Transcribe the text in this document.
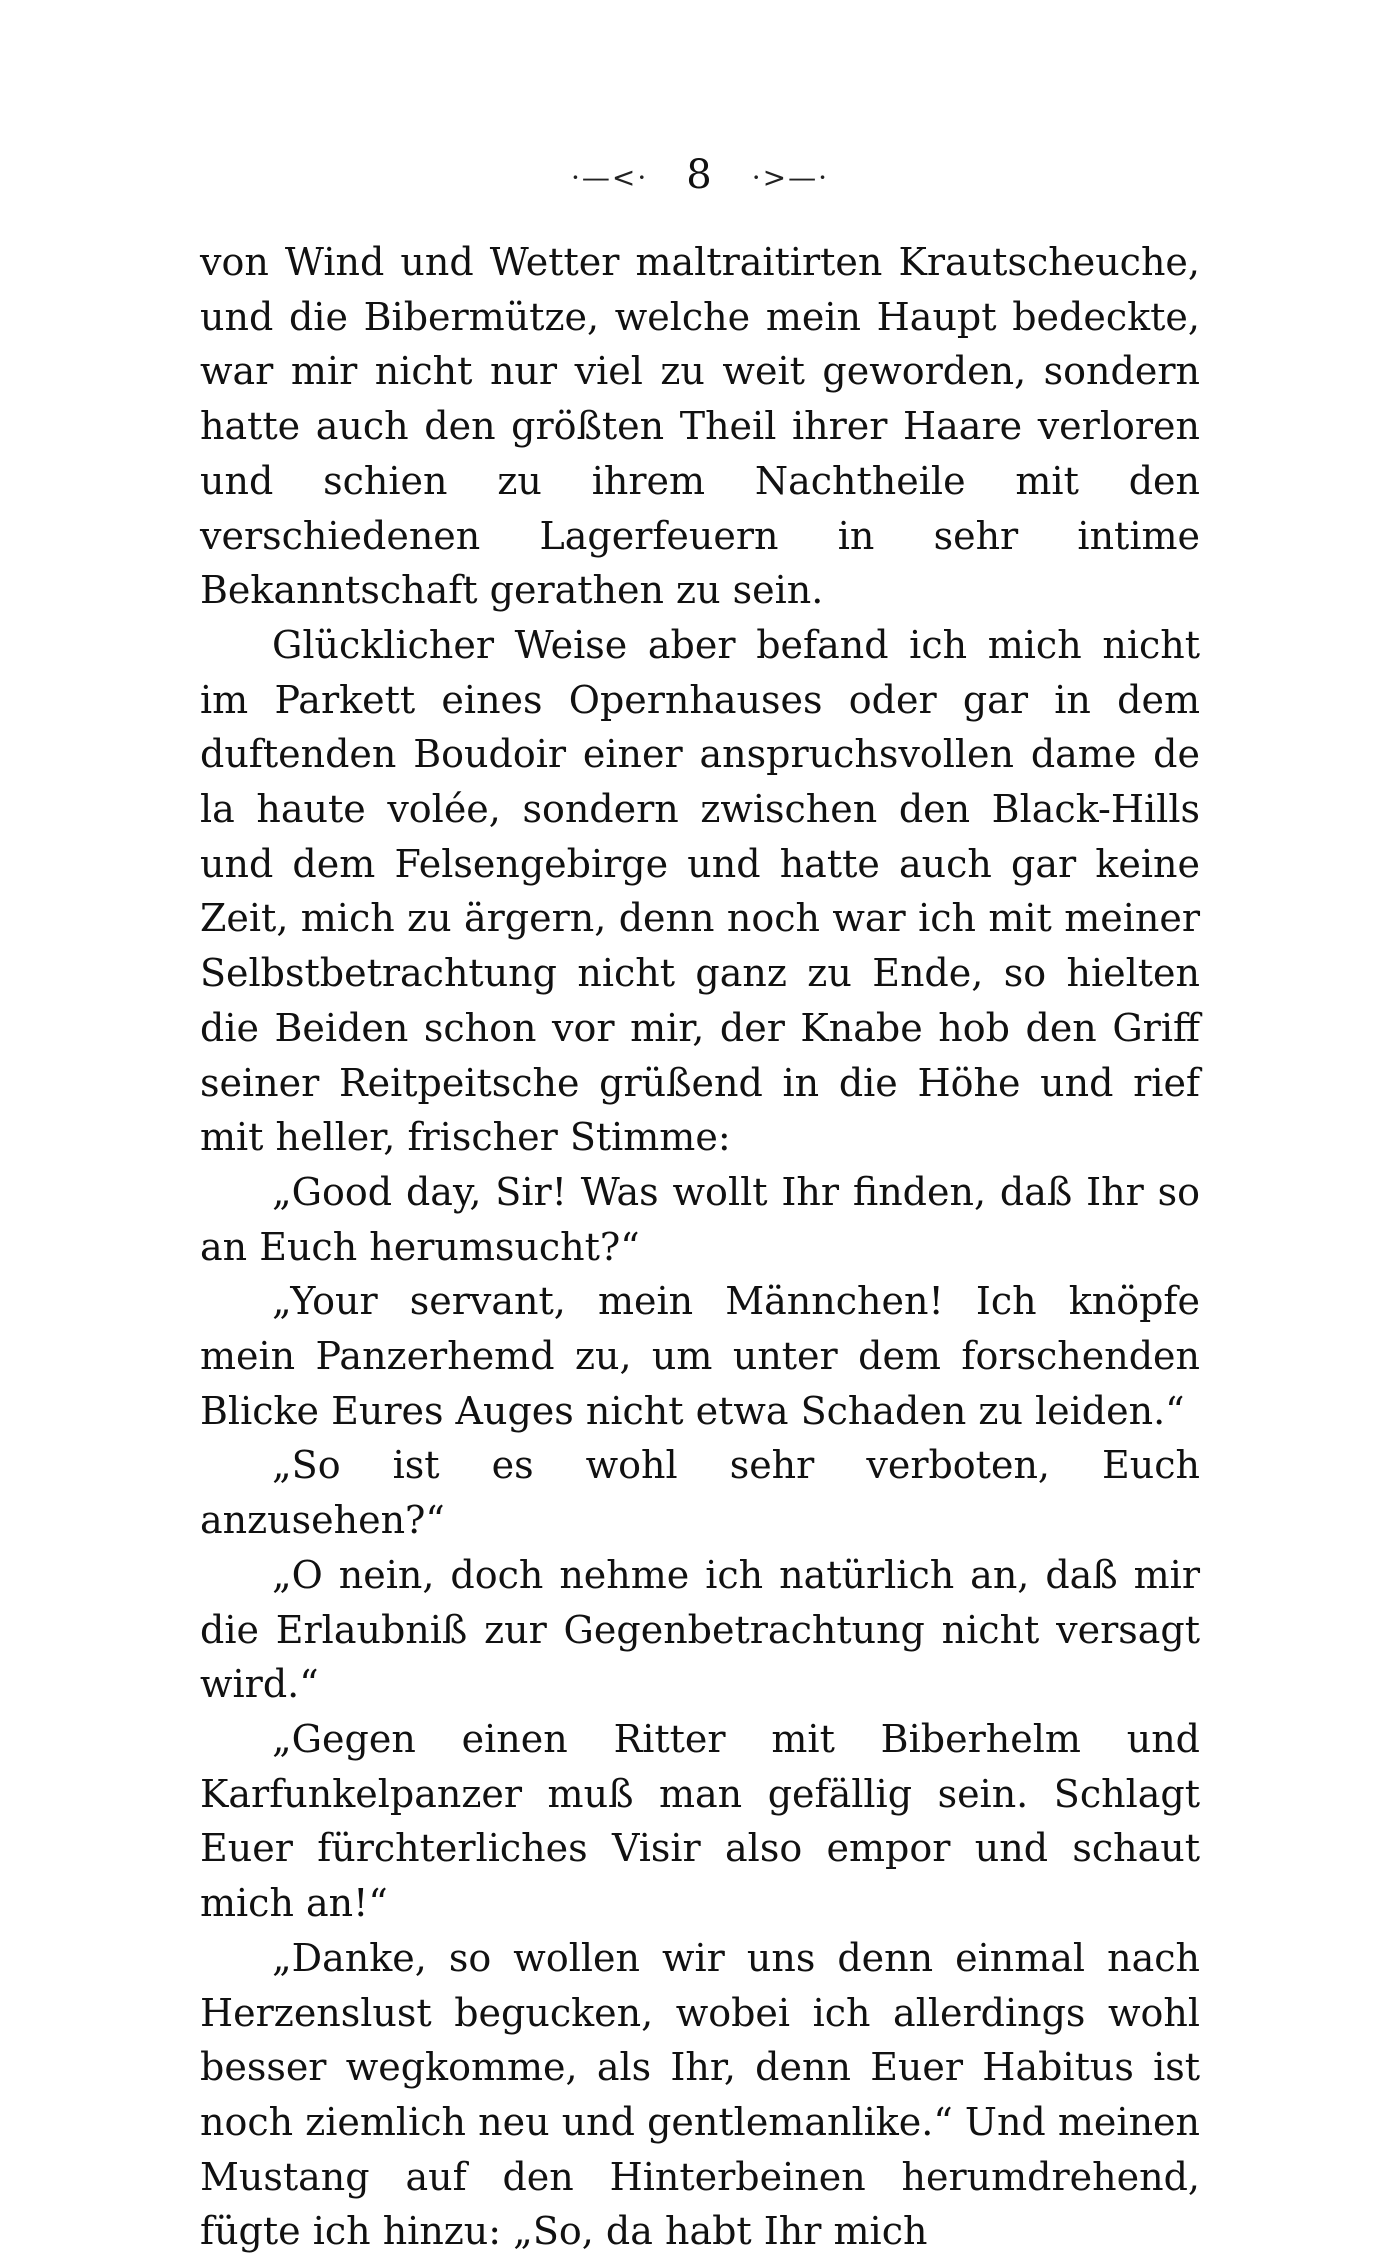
·—<· 8 ·>—·

von Wind und Wetter maltraitirten Krautscheuche, und die Bibermütze, welche mein Haupt bedeckte, war mir nicht nur viel zu weit geworden, sondern hatte auch den größten Theil ihrer Haare verloren und schien zu ihrem Nachtheile mit den verschiedenen Lagerfeuern in sehr intime Bekanntschaft gerathen zu sein.

Glücklicher Weise aber befand ich mich nicht im Parkett eines Opernhauses oder gar in dem duftenden Boudoir einer anspruchsvollen dame de la haute volée, sondern zwischen den Black-Hills und dem Felsengebirge und hatte auch gar keine Zeit, mich zu ärgern, denn noch war ich mit meiner Selbstbetrachtung nicht ganz zu Ende, so hielten die Beiden schon vor mir, der Knabe hob den Griff seiner Reitpeitsche grüßend in die Höhe und rief mit heller, frischer Stimme:

„Good day, Sir! Was wollt Ihr finden, daß Ihr so an Euch herumsucht?“

„Your servant, mein Männchen! Ich knöpfe mein Panzerhemd zu, um unter dem forschenden Blicke Eures Auges nicht etwa Schaden zu leiden.“

„So ist es wohl sehr verboten, Euch anzusehen?“

„O nein, doch nehme ich natürlich an, daß mir die Erlaubniß zur Gegenbetrachtung nicht versagt wird.“

„Gegen einen Ritter mit Biberhelm und Karfunkelpanzer muß man gefällig sein. Schlagt Euer fürchterliches Visir also empor und schaut mich an!“

„Danke, so wollen wir uns denn einmal nach Herzenslust begucken, wobei ich allerdings wohl besser wegkomme, als Ihr, denn Euer Habitus ist noch ziemlich neu und gentlemanlike.“ Und meinen Mustang auf den Hinterbeinen herumdrehend, fügte ich hinzu: „So, da habt Ihr mich
